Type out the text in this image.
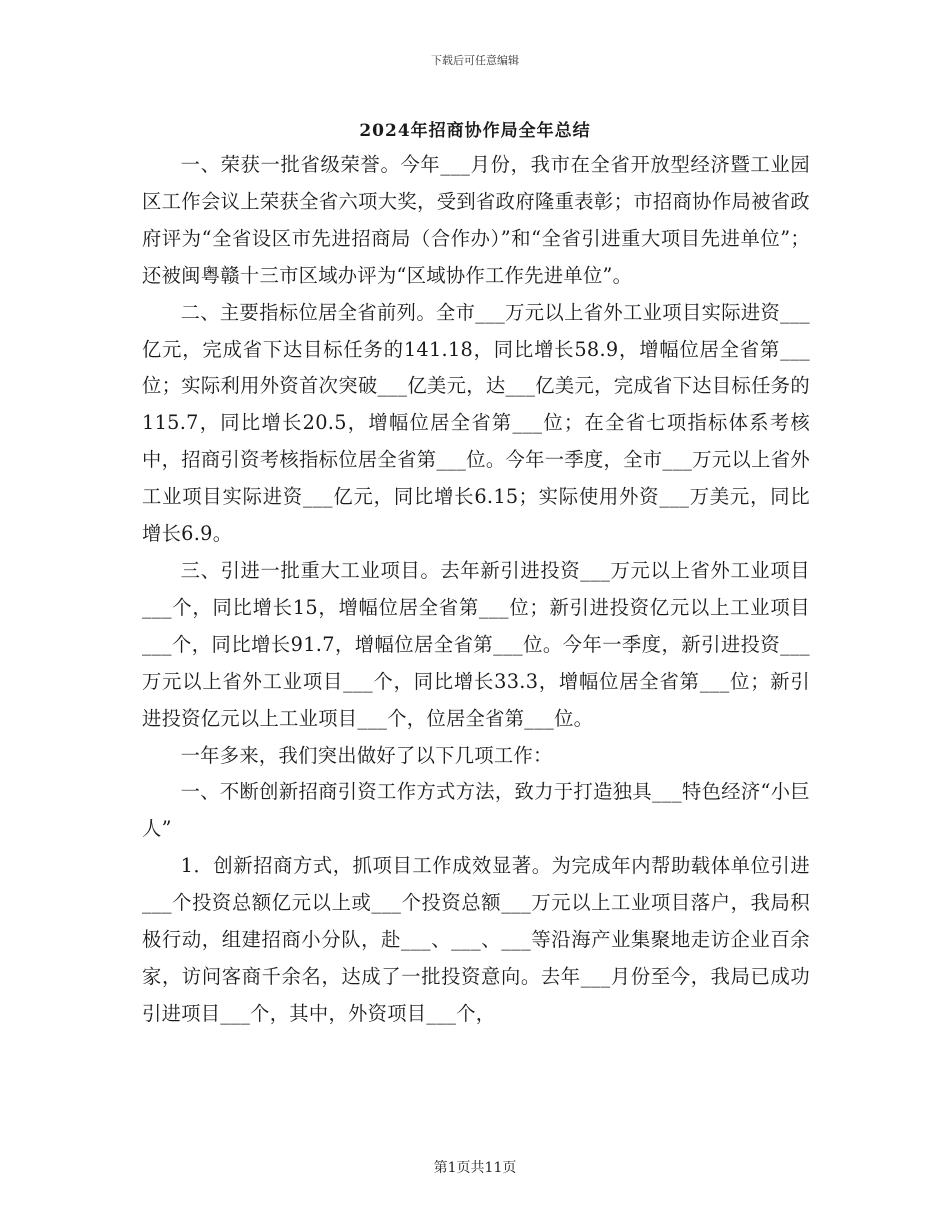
下载后可任意编辑
2024年招商协作局全年总结

一、荣获一批省级荣誉。今年___月份，我市在全省开放型经济暨工业园区工作会议上荣获全省六项大奖，受到省政府隆重表彰；市招商协作局被省政府评为“全省设区市先进招商局（合作办）”和“全省引进重大项目先进单位”；还被闽粤赣十三市区域办评为“区域协作工作先进单位”。

二、主要指标位居全省前列。全市___万元以上省外工业项目实际进资___亿元，完成省下达目标任务的141.18，同比增长58.9，增幅位居全省第___位；实际利用外资首次突破___亿美元，达___亿美元，完成省下达目标任务的115.7，同比增长20.5，增幅位居全省第___位；在全省七项指标体系考核中，招商引资考核指标位居全省第___位。今年一季度，全市___万元以上省外工业项目实际进资___亿元，同比增长6.15；实际使用外资___万美元，同比增长6.9。

三、引进一批重大工业项目。去年新引进投资___万元以上省外工业项目___个，同比增长15，增幅位居全省第___位；新引进投资亿元以上工业项目___个，同比增长91.7，增幅位居全省第___位。今年一季度，新引进投资___万元以上省外工业项目___个，同比增长33.3，增幅位居全省第___位；新引进投资亿元以上工业项目___个，位居全省第___位。

一年多来，我们突出做好了以下几项工作：

一、不断创新招商引资工作方式方法，致力于打造独具___特色经济“小巨人”

1．创新招商方式，抓项目工作成效显著。为完成年内帮助载体单位引进___个投资总额亿元以上或___个投资总额___万元以上工业项目落户，我局积极行动，组建招商小分队，赴___、___、___等沿海产业集聚地走访企业百余家，访问客商千余名，达成了一批投资意向。去年___月份至今，我局已成功引进项目___个，其中，外资项目___个，

第1页共11页
